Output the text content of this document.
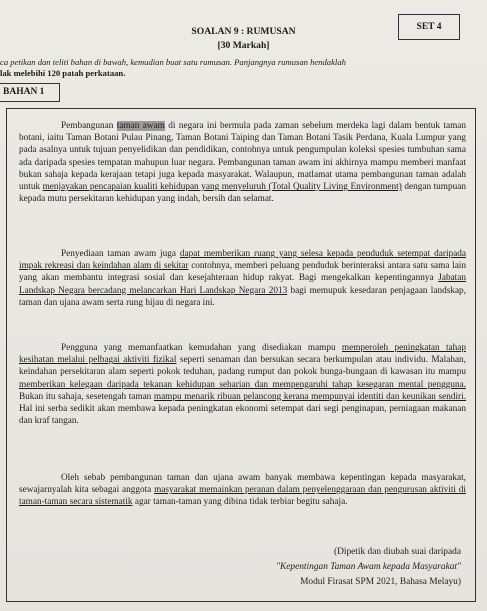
SOALAN 9 : RUMUSAN
[30 Markah]
SET 4
ca petikan dan teliti bahan di bawah, kemudian buat satu rumusan. Panjangnya rumusan hendaklah
lak melebihi 120 patah perkataan.
BAHAN 1

Pembangunan taman awam di negara ini bermula pada zaman sebelum merdeka lagi dalam bentuk taman botani, iaitu Taman Botani Pulau Pinang, Taman Botani Taiping dan Taman Botani Tasik Perdana, Kuala Lumpur yang pada asalnya untuk tujuan penyelidikan dan pendidikan, contohnya untuk pengumpulan koleksi spesies tumbuhan sama ada daripada spesies tempatan mahupun luar negara. Pembangunan taman awam ini akhirnya mampu memberi manfaat bukan sahaja kepada kerajaan tetapi juga kepada masyarakat. Walaupun, matlamat utama pembangunan taman adalah untuk menjayakan pencapaian kualiti kehidupan yang menyeluruh (Total Quality Living Environment) dengan tumpuan kepada mutu persekitaran kehidupan yang indah, bersih dan selamat.

Penyediaan taman awam juga dapat memberikan ruang yang selesa kepada penduduk setempat daripada impak rekreasi dan keindahan alam di sekitar contohnya, memberi peluang penduduk berinteraksi antara satu sama lain yang akan membantu integrasi sosial dan kesejahteraan hidup rakyat. Bagi mengekalkan kepentingannya Jabatan Landskap Negara bercadang melancarkan Hari Landskap Negara 2013 bagi memupuk kesedaran penjagaan landskap, taman dan ujana awam serta rung hijau di negara ini.

Pengguna yang memanfaatkan kemudahan yang disediakan mampu memperoleh peningkatan tahap kesihatan melalui pelbagai aktiviti fizikal seperti senaman dan bersukan secara berkumpulan atau individu. Malahan, keindahan persekitaran alam seperti pokok teduhan, padang rumput dan pokok bunga-bungaan di kawasan itu mampu memberikan kelegaan daripada tekanan kehidupan seharian dan mempengaruhi tahap kesegaran mental pengguna. Bukan itu sahaja, sesetengah taman mampu menarik ribuan pelancong kerana mempunyai identiti dan keunikan sendiri. Hal ini serba sedikit akan membawa kepada peningkatan ekonomi setempat dari segi penginapan, perniagaan makanan dan kraf tangan.

Oleh sebab pembangunan taman dan ujana awam banyak membawa kepentingan kepada masyarakat, sewajarnyalah kita sebagai anggota masyarakat memainkan peranan dalam penyelenggaraan dan pengurusan aktiviti di taman-taman secara sistematik agar taman-taman yang dibina tidak terbiar begitu sahaja.

(Dipetik dan diubah suai daripada
"Kepentingan Taman Awam kepada Masyarakat"
Modul Firasat SPM 2021, Bahasa Melayu)
